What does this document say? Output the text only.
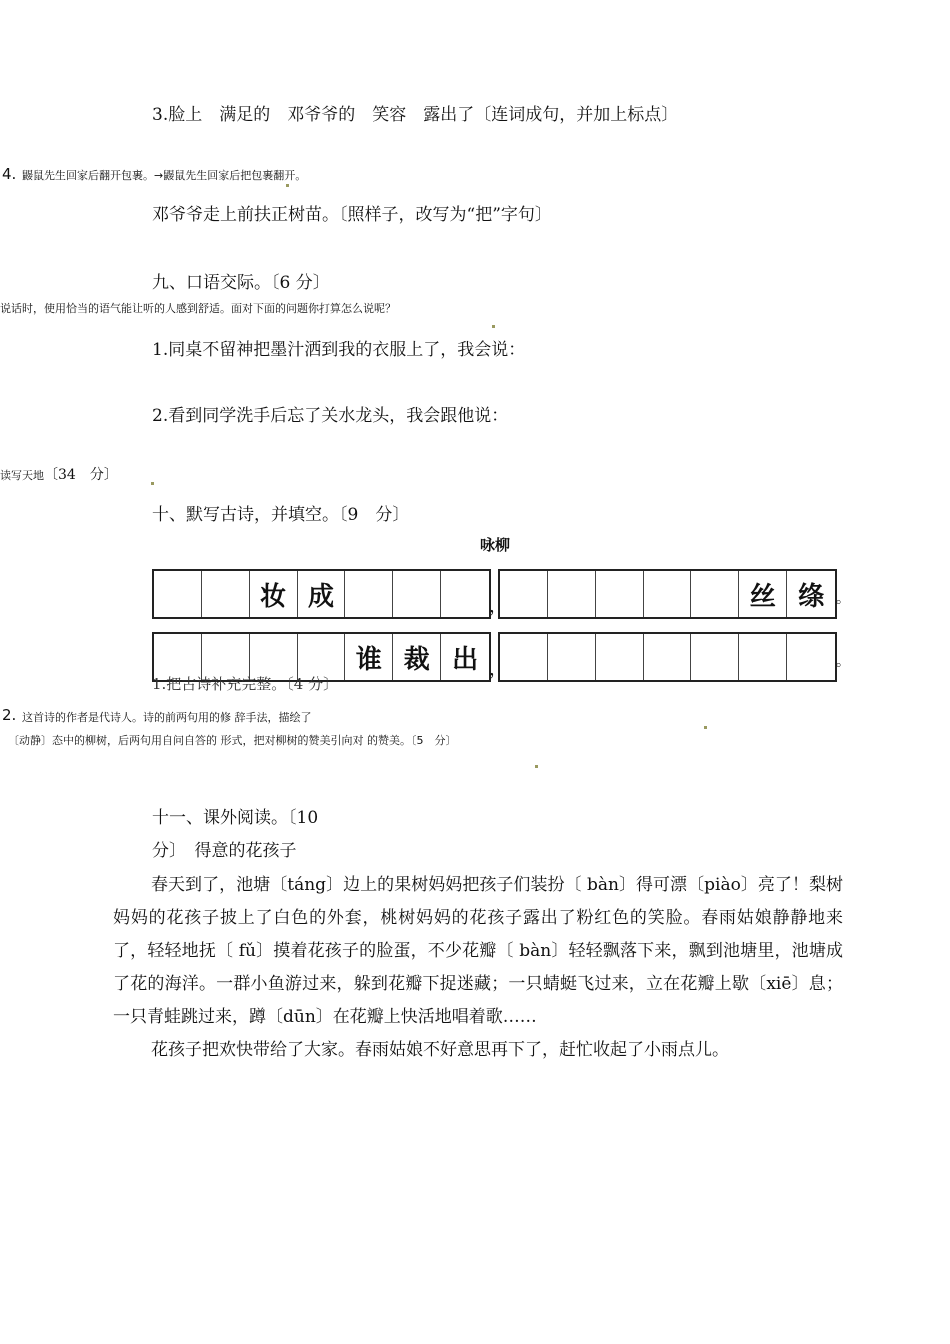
3.脸上　满足的　邓爷爷的　笑容　露出了〔连词成句，并加上标点〕
4. 鼹鼠先生回家后翻开包裹。→鼹鼠先生回家后把包裹翻开。
邓爷爷走上前扶正树苗。〔照样子，改写为“把”字句〕
九、口语交际。〔6 分〕
说话时，使用恰当的语气能让听的人感到舒适。面对下面的问题你打算怎么说呢？
1.同桌不留神把墨汁洒到我的衣服上了，我会说：
2.看到同学洗手后忘了关水龙头，我会跟他说：
读写天地〔34　分〕
十、默写古诗，并填空。〔9　分〕
咏柳
妆 成	，	丝 绦 。
谁 裁 出 ，	。
1.把古诗补充完整。〔4 分〕
2. 这首诗的作者是代诗人。诗的前两句用的修 辞手法，描绘了
〔动静〕态中的柳树，后两句用自问自答的 形式，把对柳树的赞美引向对 的赞美。〔5　分〕
十一、课外阅读。〔10
分〕　得意的花孩子

春天到了，池塘〔táng〕边上的果树妈妈把孩子们装扮〔 bàn〕得可漂〔piào〕亮了！梨树妈妈的花孩子披上了白色的外套，桃树妈妈的花孩子露出了粉红色的笑脸。春雨姑娘静静地来了，轻轻地抚〔 fǔ〕摸着花孩子的脸蛋，不少花瓣〔 bàn〕轻轻飘落下来，飘到池塘里，池塘成了花的海洋。一群小鱼游过来，躲到花瓣下捉迷藏；一只蜻蜓飞过来，立在花瓣上歇〔xiē〕息；一只青蛙跳过来，蹲〔dūn〕在花瓣上快活地唱着歌……

花孩子把欢快带给了大家。春雨姑娘不好意思再下了，赶忙收起了小雨点儿。
